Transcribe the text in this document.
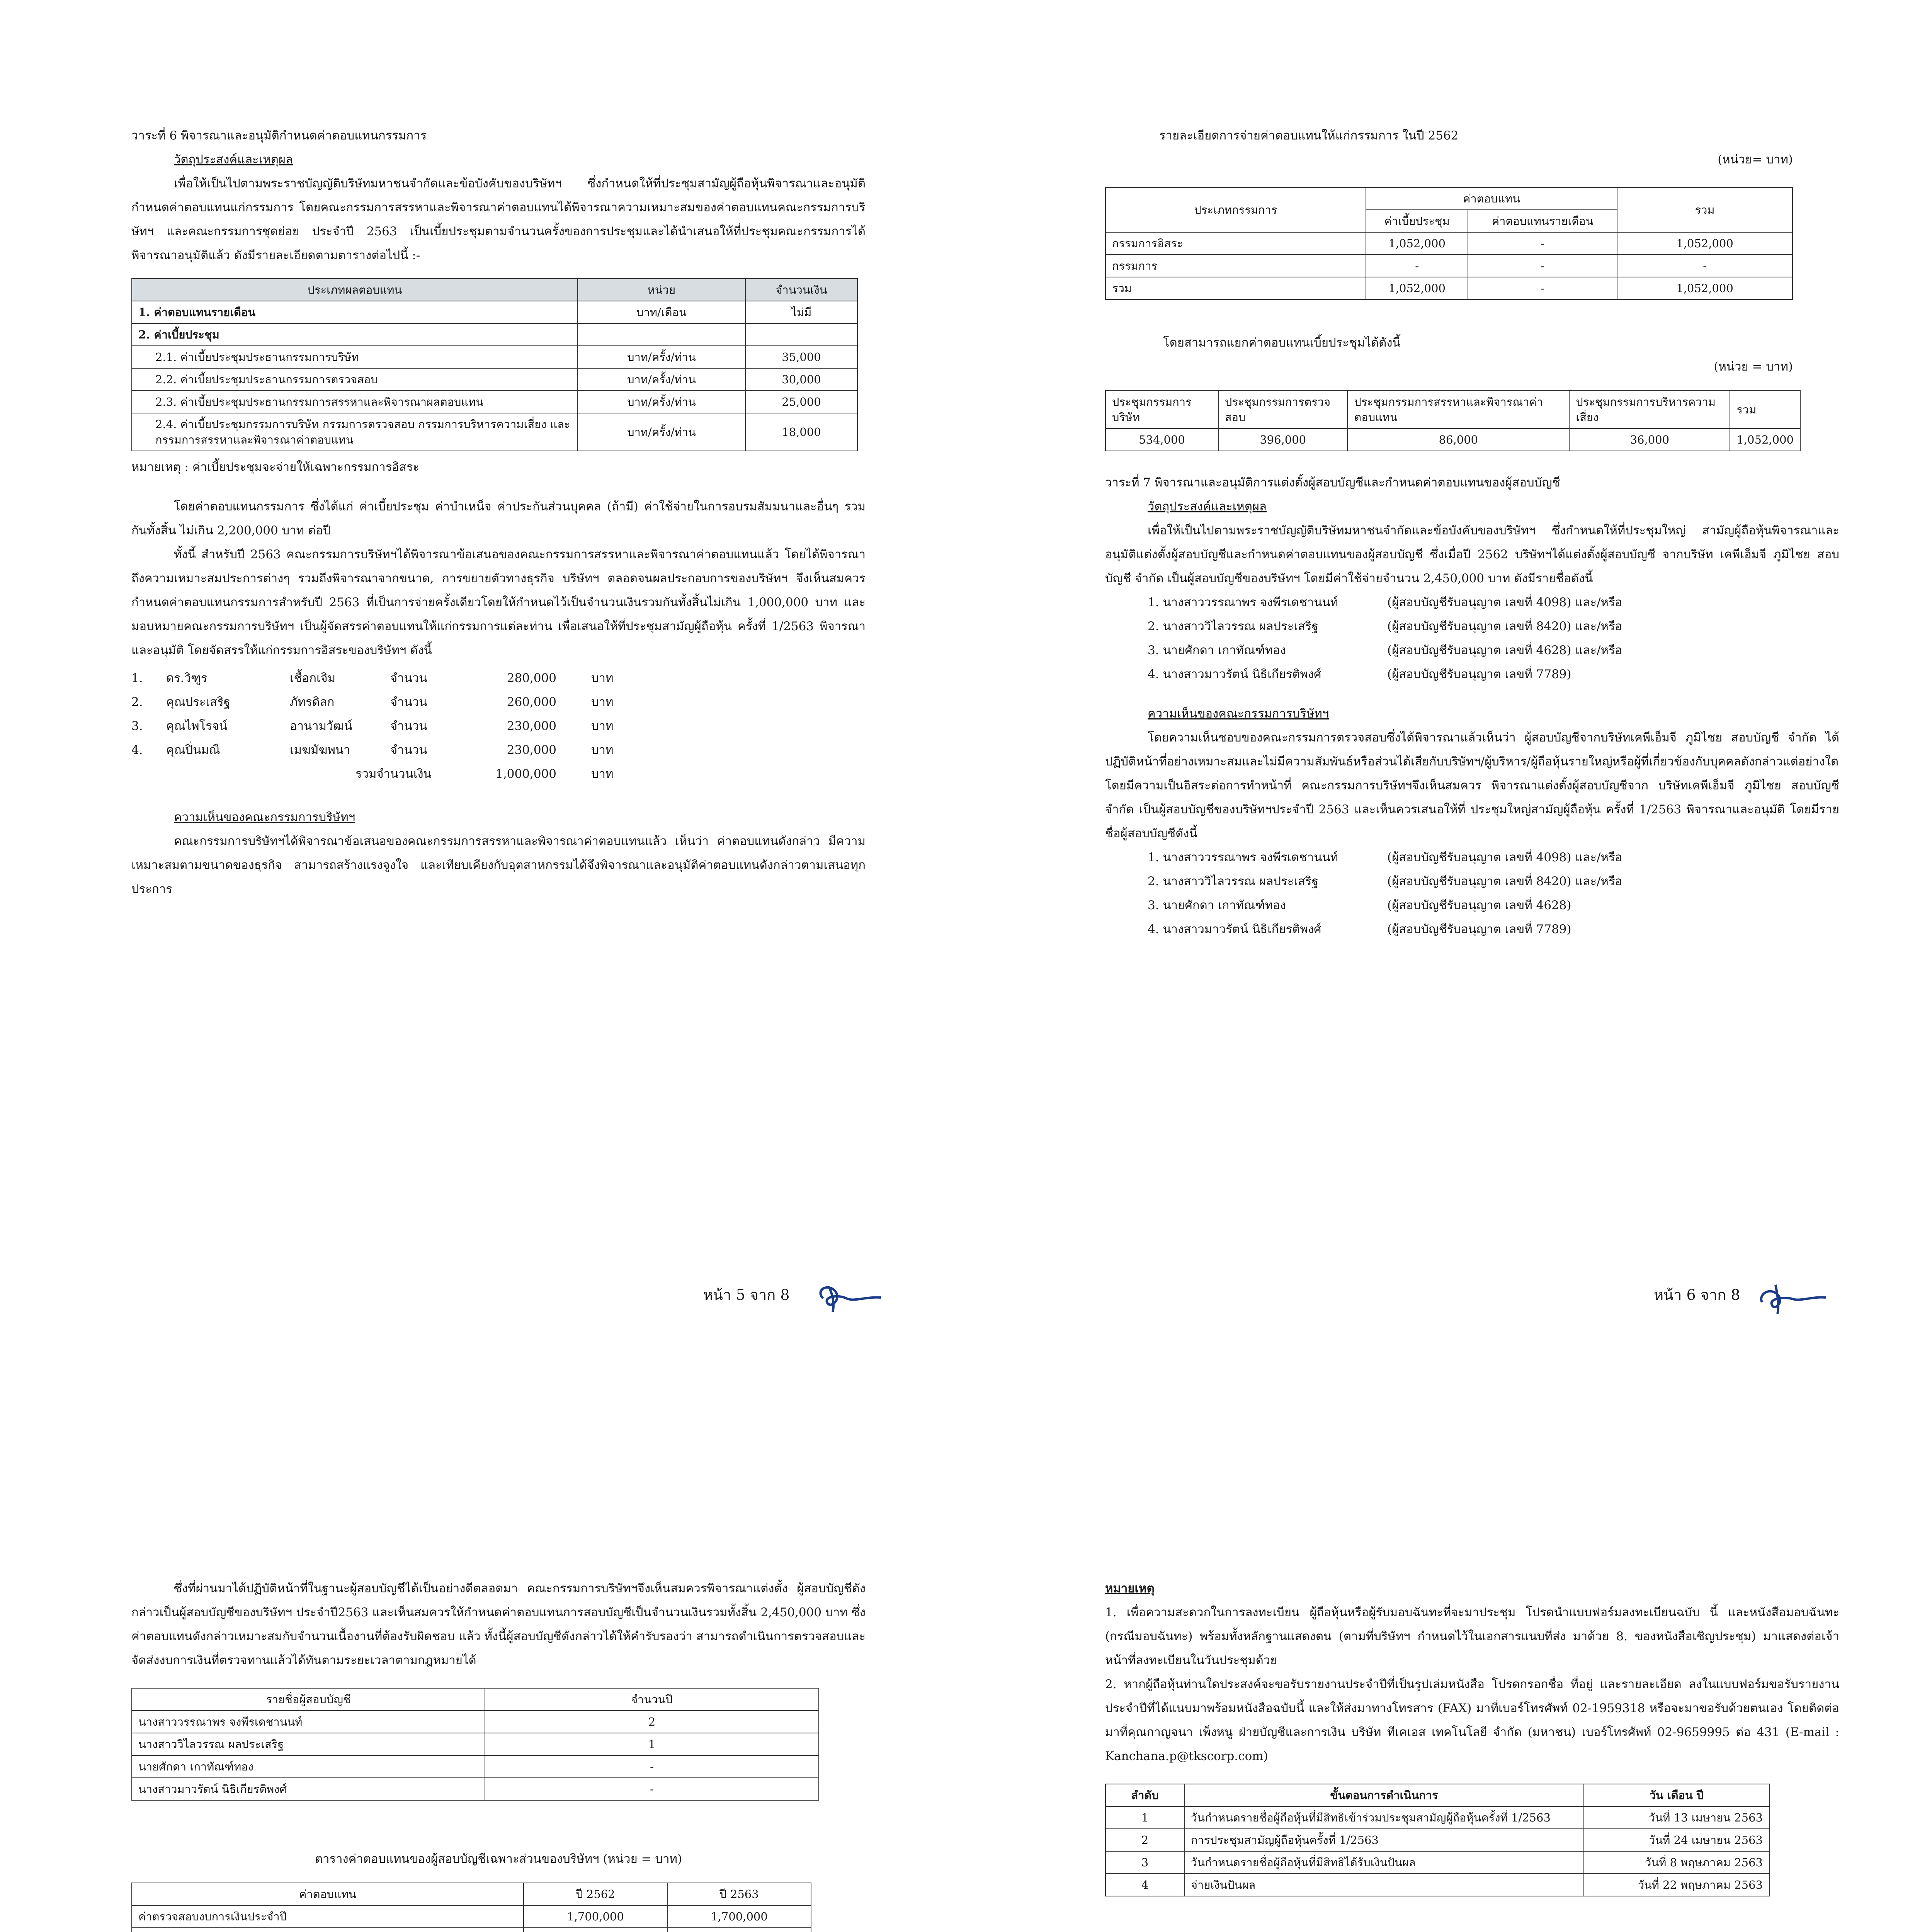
วาระที่ 6 พิจารณาและอนุมัติกำหนดค่าตอบแทนกรรมการ

วัตถุประสงค์และเหตุผล

เพื่อให้เป็นไปตามพระราชบัญญัติบริษัทมหาชนจำกัดและข้อบังคับของบริษัทฯ ซึ่งกำหนดให้ที่ประชุมสามัญผู้ถือหุ้นพิจารณาและอนุมัติกำหนดค่าตอบแทนแก่กรรมการ โดยคณะกรรมการสรรหาและพิจารณาค่าตอบแทนได้พิจารณาความเหมาะสมของค่าตอบแทนคณะกรรมการบริษัทฯ และคณะกรรมการชุดย่อย ประจำปี 2563 เป็นเบี้ยประชุมตามจำนวนครั้งของการประชุมและได้นำเสนอให้ที่ประชุมคณะกรรมการได้พิจารณาอนุมัติแล้ว ดังมีรายละเอียดตามตารางต่อไปนี้ :-

ประเภทผลตอบแทน	หน่วย	จำนวนเงิน
1. ค่าตอบแทนรายเดือน	บาท/เดือน	ไม่มี
2. ค่าเบี้ยประชุม		
2.1. ค่าเบี้ยประชุมประธานกรรมการบริษัท	บาท/ครั้ง/ท่าน	35,000
2.2. ค่าเบี้ยประชุมประธานกรรมการตรวจสอบ	บาท/ครั้ง/ท่าน	30,000
2.3. ค่าเบี้ยประชุมประธานกรรมการสรรหาและพิจารณาผลตอบแทน	บาท/ครั้ง/ท่าน	25,000
2.4. ค่าเบี้ยประชุมกรรมการบริษัท กรรมการตรวจสอบ กรรมการบริหารความเสี่ยง และกรรมการสรรหาและพิจารณาค่าตอบแทน	บาท/ครั้ง/ท่าน	18,000

หมายเหตุ : ค่าเบี้ยประชุมจะจ่ายให้เฉพาะกรรมการอิสระ

โดยค่าตอบแทนกรรมการ ซึ่งได้แก่ ค่าเบี้ยประชุม ค่าบำเหน็จ ค่าประกันส่วนบุคคล (ถ้ามี) ค่าใช้จ่ายในการอบรมสัมมนาและอื่นๆ รวมกันทั้งสิ้น ไม่เกิน 2,200,000 บาท ต่อปี

ทั้งนี้ สำหรับปี 2563 คณะกรรมการบริษัทฯได้พิจารณาข้อเสนอของคณะกรรมการสรรหาและพิจารณาค่าตอบแทนแล้ว โดยได้พิจารณาถึงความเหมาะสมประการต่างๆ รวมถึงพิจารณาจากขนาด, การขยายตัวทางธุรกิจ บริษัทฯ ตลอดจนผลประกอบการของบริษัทฯ จึงเห็นสมควรกำหนดค่าตอบแทนกรรมการสำหรับปี 2563 ที่เป็นการจ่ายครั้งเดียวโดยให้กำหนดไว้เป็นจำนวนเงินรวมกันทั้งสิ้นไม่เกิน 1,000,000 บาท และมอบหมายคณะกรรมการบริษัทฯ เป็นผู้จัดสรรค่าตอบแทนให้แก่กรรมการแต่ละท่าน เพื่อเสนอให้ที่ประชุมสามัญผู้ถือหุ้น ครั้งที่ 1/2563 พิจารณาและอนุมัติ โดยจัดสรรให้แก่กรรมการอิสระของบริษัทฯ ดังนี้

1.	ดร.วิฑูร	เชื้อกเจิม	จำนวน	280,000	บาท
2.	คุณประเสริฐ	ภัทรดิลก	จำนวน	260,000	บาท
3.	คุณไพโรจน์	อานามวัฒน์	จำนวน	230,000	บาท
4.	คุณปิ่นมณี	เมฆมัฆพนา	จำนวน	230,000	บาท
รวมจำนวนเงิน	1,000,000	บาท

ความเห็นของคณะกรรมการบริษัทฯ

คณะกรรมการบริษัทฯได้พิจารณาข้อเสนอของคณะกรรมการสรรหาและพิจารณาค่าตอบแทนแล้ว เห็นว่า ค่าตอบแทนดังกล่าว มีความเหมาะสมตามขนาดของธุรกิจ สามารถสร้างแรงจูงใจ และเทียบเคียงกับอุตสาหกรรมได้จึงพิจารณาและอนุมัติค่าตอบแทนดังกล่าวตามเสนอทุกประการ

หน้า 5 จาก 8

รายละเอียดการจ่ายค่าตอบแทนให้แก่กรรมการ ในปี 2562

(หน่วย= บาท)

ประเภทกรรมการ	ค่าตอบแทน		รวม
	ค่าเบี้ยประชุม	ค่าตอบแทนรายเดือน	
กรรมการอิสระ	1,052,000	-	1,052,000
กรรมการ	-	-	-
รวม	1,052,000	-	1,052,000

โดยสามารถแยกค่าตอบแทนเบี้ยประชุมได้ดังนี้

(หน่วย = บาท)

ประชุมกรรมการบริษัท	ประชุมกรรมการตรวจสอบ	ประชุมกรรมการสรรหาและพิจารณาค่าตอบแทน	ประชุมกรรมการบริหารความเสี่ยง	รวม
534,000	396,000	86,000	36,000	1,052,000

วาระที่ 7 พิจารณาและอนุมัติการแต่งตั้งผู้สอบบัญชีและกำหนดค่าตอบแทนของผู้สอบบัญชี

วัตถุประสงค์และเหตุผล

เพื่อให้เป็นไปตามพระราชบัญญัติบริษัทมหาชนจำกัดและข้อบังคับของบริษัทฯ ซึ่งกำหนดให้ที่ประชุมใหญ่ สามัญผู้ถือหุ้นพิจารณาและอนุมัติแต่งตั้งผู้สอบบัญชีและกำหนดค่าตอบแทนของผู้สอบบัญชี ซึ่งเมื่อปี 2562 บริษัทฯได้แต่งตั้งผู้สอบบัญชี จากบริษัท เคพีเอ็มจี ภูมิไชย สอบบัญชี จำกัด เป็นผู้สอบบัญชีของบริษัทฯ โดยมีค่าใช้จ่ายจำนวน 2,450,000 บาท ดังมีรายชื่อดังนี้

1. นางสาววรรณาพร จงพีรเดชานนท์	(ผู้สอบบัญชีรับอนุญาต เลขที่ 4098) และ/หรือ
2. นางสาววิไลวรรณ ผลประเสริฐ	(ผู้สอบบัญชีรับอนุญาต เลขที่ 8420) และ/หรือ
3. นายศักดา เกาทัณฑ์ทอง	(ผู้สอบบัญชีรับอนุญาต เลขที่ 4628) และ/หรือ
4. นางสาวมาวรัตน์ นิธิเกียรติพงศ์	(ผู้สอบบัญชีรับอนุญาต เลขที่ 7789)

ความเห็นของคณะกรรมการบริษัทฯ

โดยความเห็นชอบของคณะกรรมการตรวจสอบซึ่งได้พิจารณาแล้วเห็นว่า ผู้สอบบัญชีจากบริษัทเคพีเอ็มจี ภูมิไชย สอบบัญชี จำกัด ได้ปฏิบัติหน้าที่อย่างเหมาะสมและไม่มีความสัมพันธ์หรือส่วนได้เสียกับบริษัทฯ/ผู้บริหาร/ผู้ถือหุ้นรายใหญ่หรือผู้ที่เกี่ยวข้องกับบุคคลดังกล่าวแต่อย่างใด โดยมีความเป็นอิสระต่อการทำหน้าที่ คณะกรรมการบริษัทฯจึงเห็นสมควร พิจารณาแต่งตั้งผู้สอบบัญชีจาก บริษัทเคพีเอ็มจี ภูมิไชย สอบบัญชี จำกัด เป็นผู้สอบบัญชีของบริษัทฯประจำปี 2563 และเห็นควรเสนอให้ที่ ประชุมใหญ่สามัญผู้ถือหุ้น ครั้งที่ 1/2563 พิจารณาและอนุมัติ โดยมีรายชื่อผู้สอบบัญชีดังนี้

1. นางสาววรรณาพร จงพีรเดชานนท์	(ผู้สอบบัญชีรับอนุญาต เลขที่ 4098) และ/หรือ
2. นางสาววิไลวรรณ ผลประเสริฐ	(ผู้สอบบัญชีรับอนุญาต เลขที่ 8420) และ/หรือ
3. นายศักดา เกาทัณฑ์ทอง	(ผู้สอบบัญชีรับอนุญาต เลขที่ 4628)
4. นางสาวมาวรัตน์ นิธิเกียรติพงศ์	(ผู้สอบบัญชีรับอนุญาต เลขที่ 7789)
หน้า 6 จาก 8

ซึ่งที่ผ่านมาได้ปฏิบัติหน้าที่ในฐานะผู้สอบบัญชีได้เป็นอย่างดีตลอดมา คณะกรรมการบริษัทฯจึงเห็นสมควรพิจารณาแต่งตั้ง ผู้สอบบัญชีดังกล่าวเป็นผู้สอบบัญชีของบริษัทฯ ประจำปี2563 และเห็นสมควรให้กำหนดค่าตอบแทนการสอบบัญชีเป็นจำนวนเงินรวมทั้งสิ้น 2,450,000 บาท ซึ่งค่าตอบแทนดังกล่าวเหมาะสมกับจำนวนเนื้องานที่ต้องรับผิดชอบ แล้ว ทั้งนี้ผู้สอบบัญชีดังกล่าวได้ให้คำรับรองว่า สามารถดำเนินการตรวจสอบและจัดส่งงบการเงินที่ตรวจทานแล้วได้ทันตามระยะเวลาตามกฎหมายได้

รายชื่อผู้สอบบัญชี	จำนวนปี
นางสาววรรณาพร จงพีรเดชานนท์	2
นางสาววิไลวรรณ ผลประเสริฐ	1
นายศักดา เกาทัณฑ์ทอง	-
นางสาวมาวรัตน์ นิธิเกียรติพงศ์	-

ตารางค่าตอบแทนของผู้สอบบัญชีเฉพาะส่วนของบริษัทฯ (หน่วย = บาท)

ค่าตอบแทน	ปี 2562	ปี 2563
ค่าตรวจสอบงบการเงินประจำปี	1,700,000	1,700,000

หมายเหตุ

1. เพื่อความสะดวกในการลงทะเบียน ผู้ถือหุ้นหรือผู้รับมอบฉันทะที่จะมาประชุม โปรดนำแบบฟอร์มลงทะเบียนฉบับ นี้ และหนังสือมอบฉันทะ (กรณีมอบฉันทะ) พร้อมทั้งหลักฐานแสดงตน (ตามที่บริษัทฯ กำหนดไว้ในเอกสารแนบที่ส่ง มาด้วย 8. ของหนังสือเชิญประชุม) มาแสดงต่อเจ้าหน้าที่ลงทะเบียนในวันประชุมด้วย

2. หากผู้ถือหุ้นท่านใดประสงค์จะขอรับรายงานประจำปีที่เป็นรูปเล่มหนังสือ โปรดกรอกชื่อ ที่อยู่ และรายละเอียด ลงในแบบฟอร์มขอรับรายงานประจำปีที่ได้แนบมาพร้อมหนังสือฉบับนี้ และให้ส่งมาทางโทรสาร (FAX) มาที่เบอร์โทรศัพท์ 02-1959318 หรือจะมาขอรับด้วยตนเอง โดยติดต่อมาที่คุณกาญจนา เพ็งหนู ฝ่ายบัญชีและการเงิน บริษัท ทีเคเอส เทคโนโลยี จำกัด (มหาชน) เบอร์โทรศัพท์ 02-9659995 ต่อ 431 (E-mail : Kanchana.p@tkscorp.com)

ลำดับ	ขั้นตอนการดำเนินการ	วัน เดือน ปี
1	วันกำหนดรายชื่อผู้ถือหุ้นที่มีสิทธิเข้าร่วมประชุมสามัญผู้ถือหุ้นครั้งที่ 1/2563	วันที่ 13 เมษายน 2563
2	การประชุมสามัญผู้ถือหุ้นครั้งที่ 1/2563	วันที่ 24 เมษายน 2563
3	วันกำหนดรายชื่อผู้ถือหุ้นที่มีสิทธิได้รับเงินปันผล	วันที่ 8 พฤษภาคม 2563
4	จ่ายเงินปันผล	วันที่ 22 พฤษภาคม 2563
